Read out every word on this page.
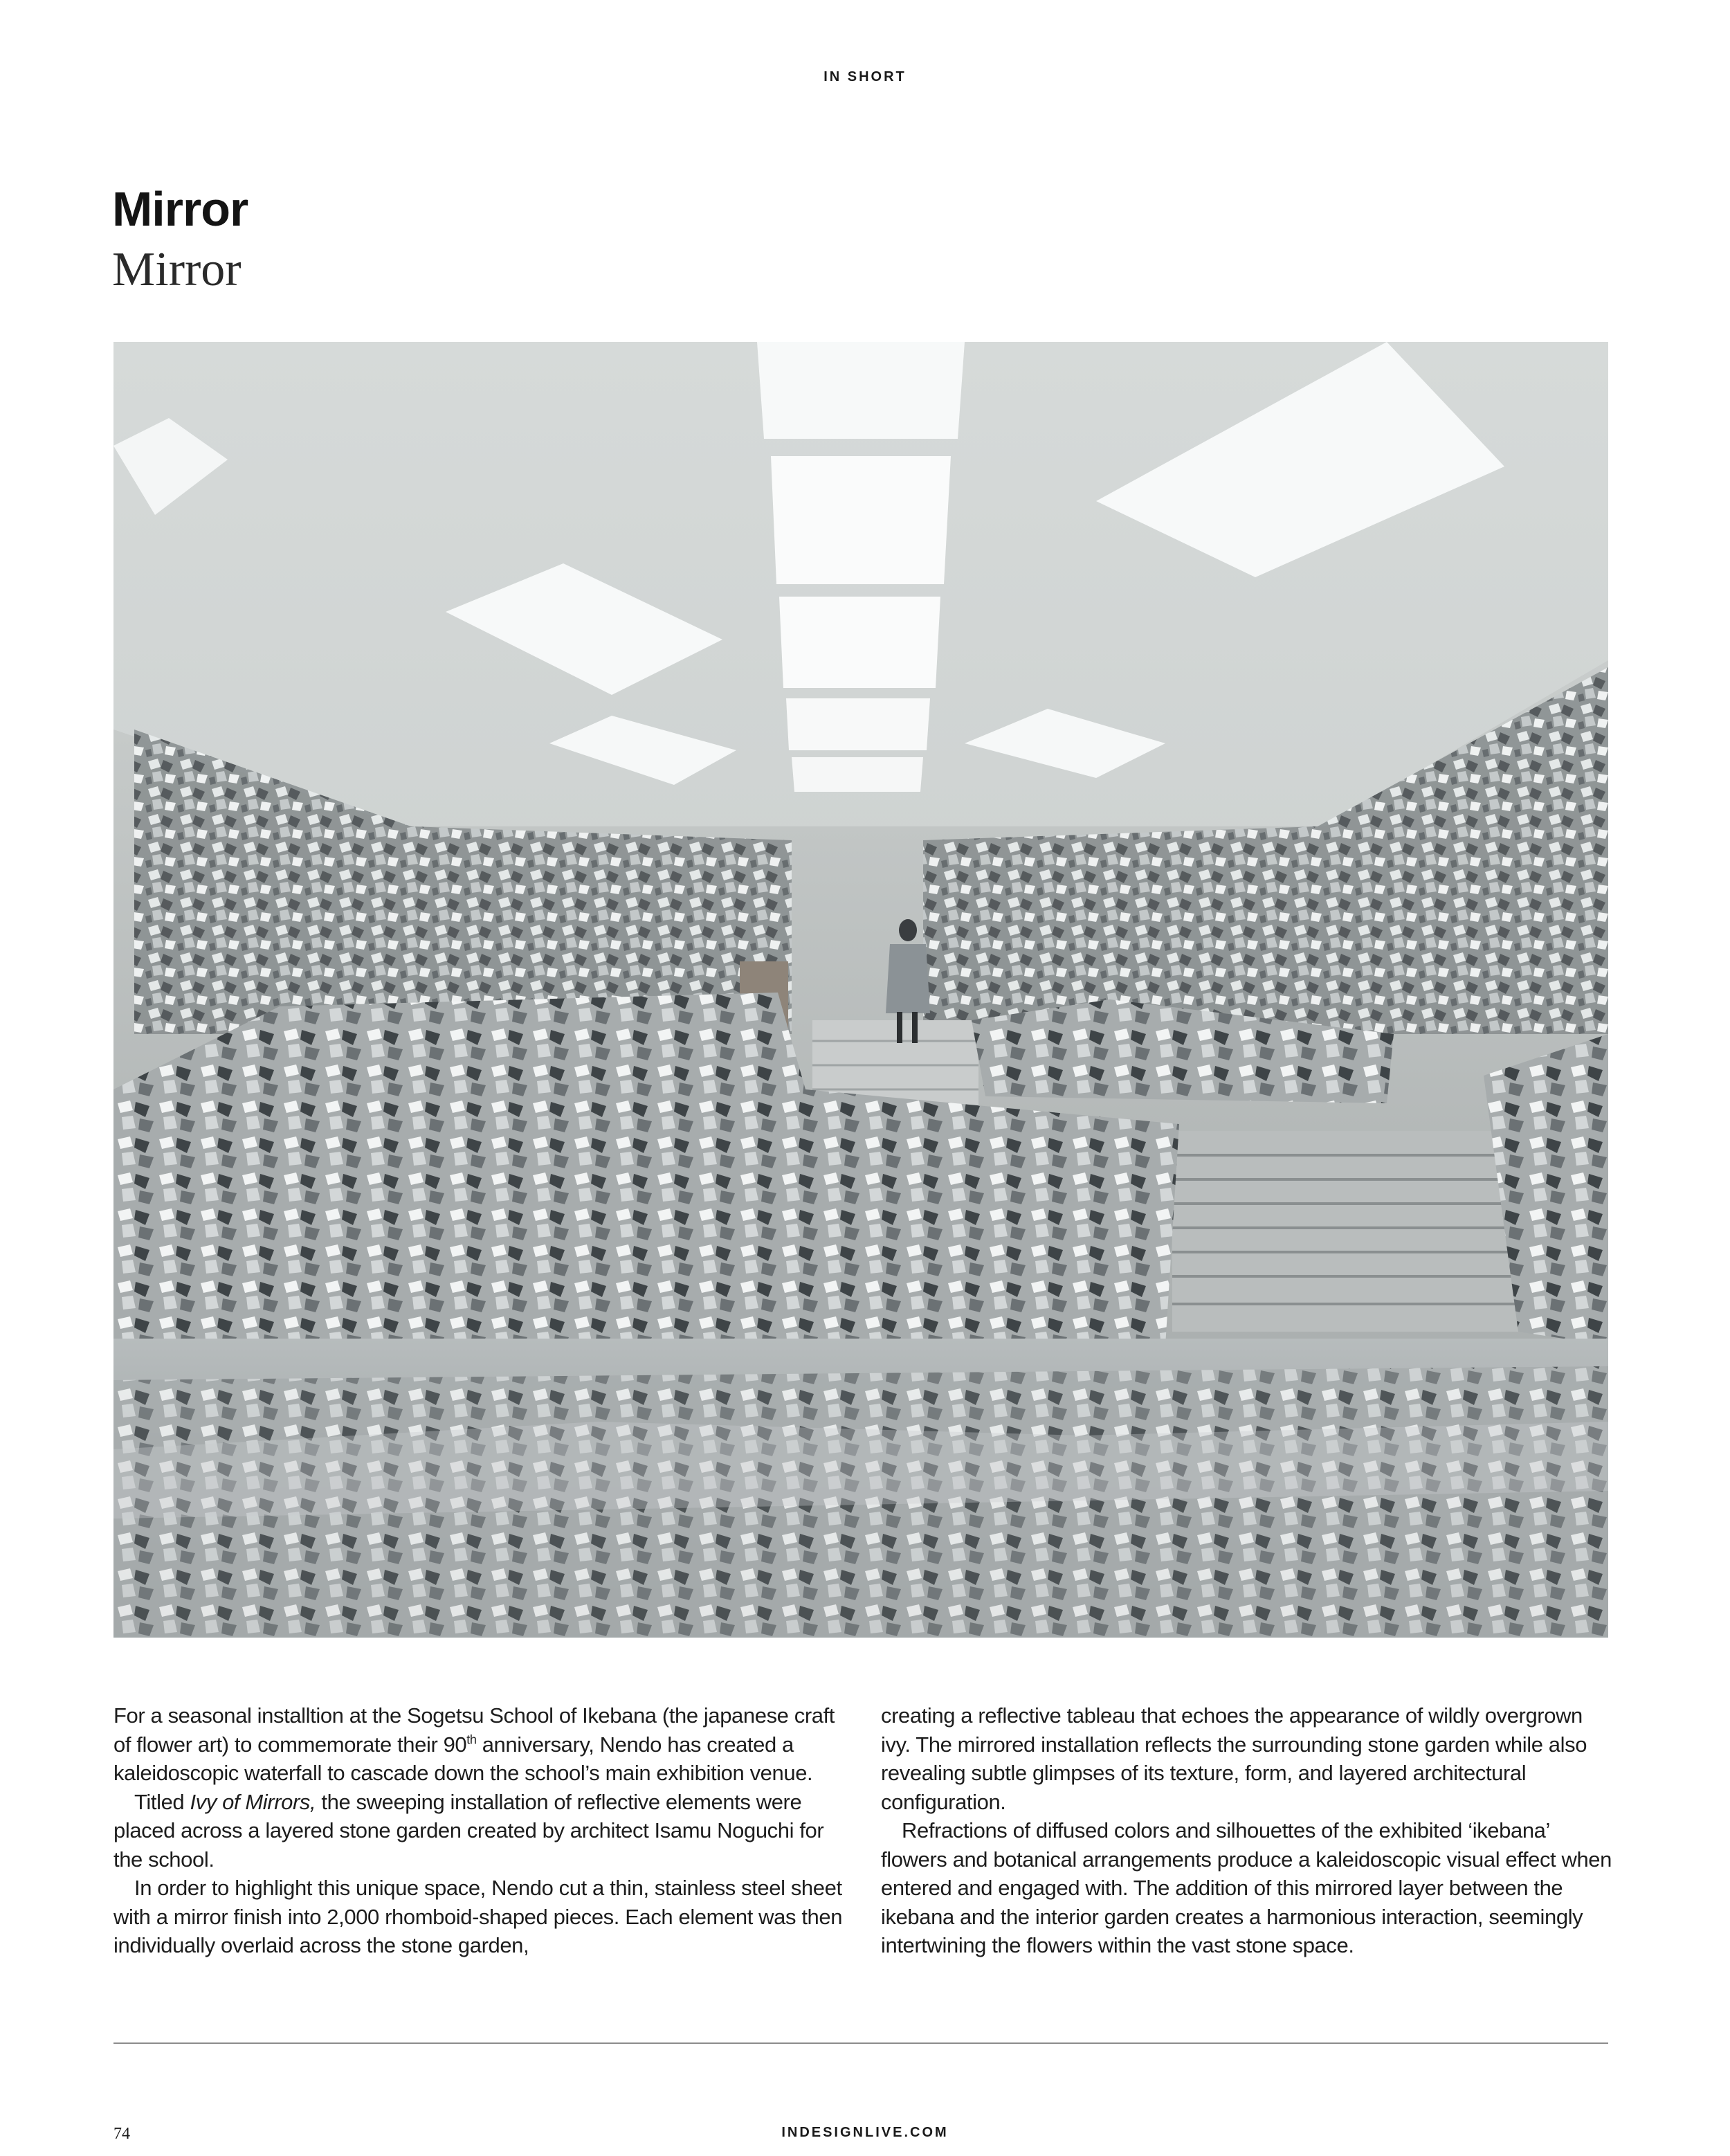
IN SHORT
Mirror
Mirror

For a seasonal installtion at the Sogetsu School of Ikebana (the japanese craft of flower art) to commemorate their 90th anniversary, Nendo has created a kaleidoscopic waterfall to cascade down the school’s main exhibition venue.

Titled Ivy of Mirrors, the sweeping installation of reflective elements were placed across a layered stone garden created by architect Isamu Noguchi for the school.

In order to highlight this unique space, Nendo cut a thin, stainless steel sheet with a mirror finish into 2,000 rhomboid-shaped pieces. Each element was then individually overlaid across the stone garden,

creating a reflective tableau that echoes the appearance of wildly overgrown ivy. The mirrored installation reflects the surrounding stone garden while also revealing subtle glimpses of its texture, form, and layered architectural configuration.

Refractions of diffused colors and silhouettes of the exhibited ‘ikebana’ flowers and botanical arrangements produce a kaleidoscopic visual effect when entered and engaged with. The addition of this mirrored layer between the ikebana and the interior garden creates a harmonious interaction, seemingly intertwining the flowers within the vast stone space.

74	INDESIGNLIVE.COM
